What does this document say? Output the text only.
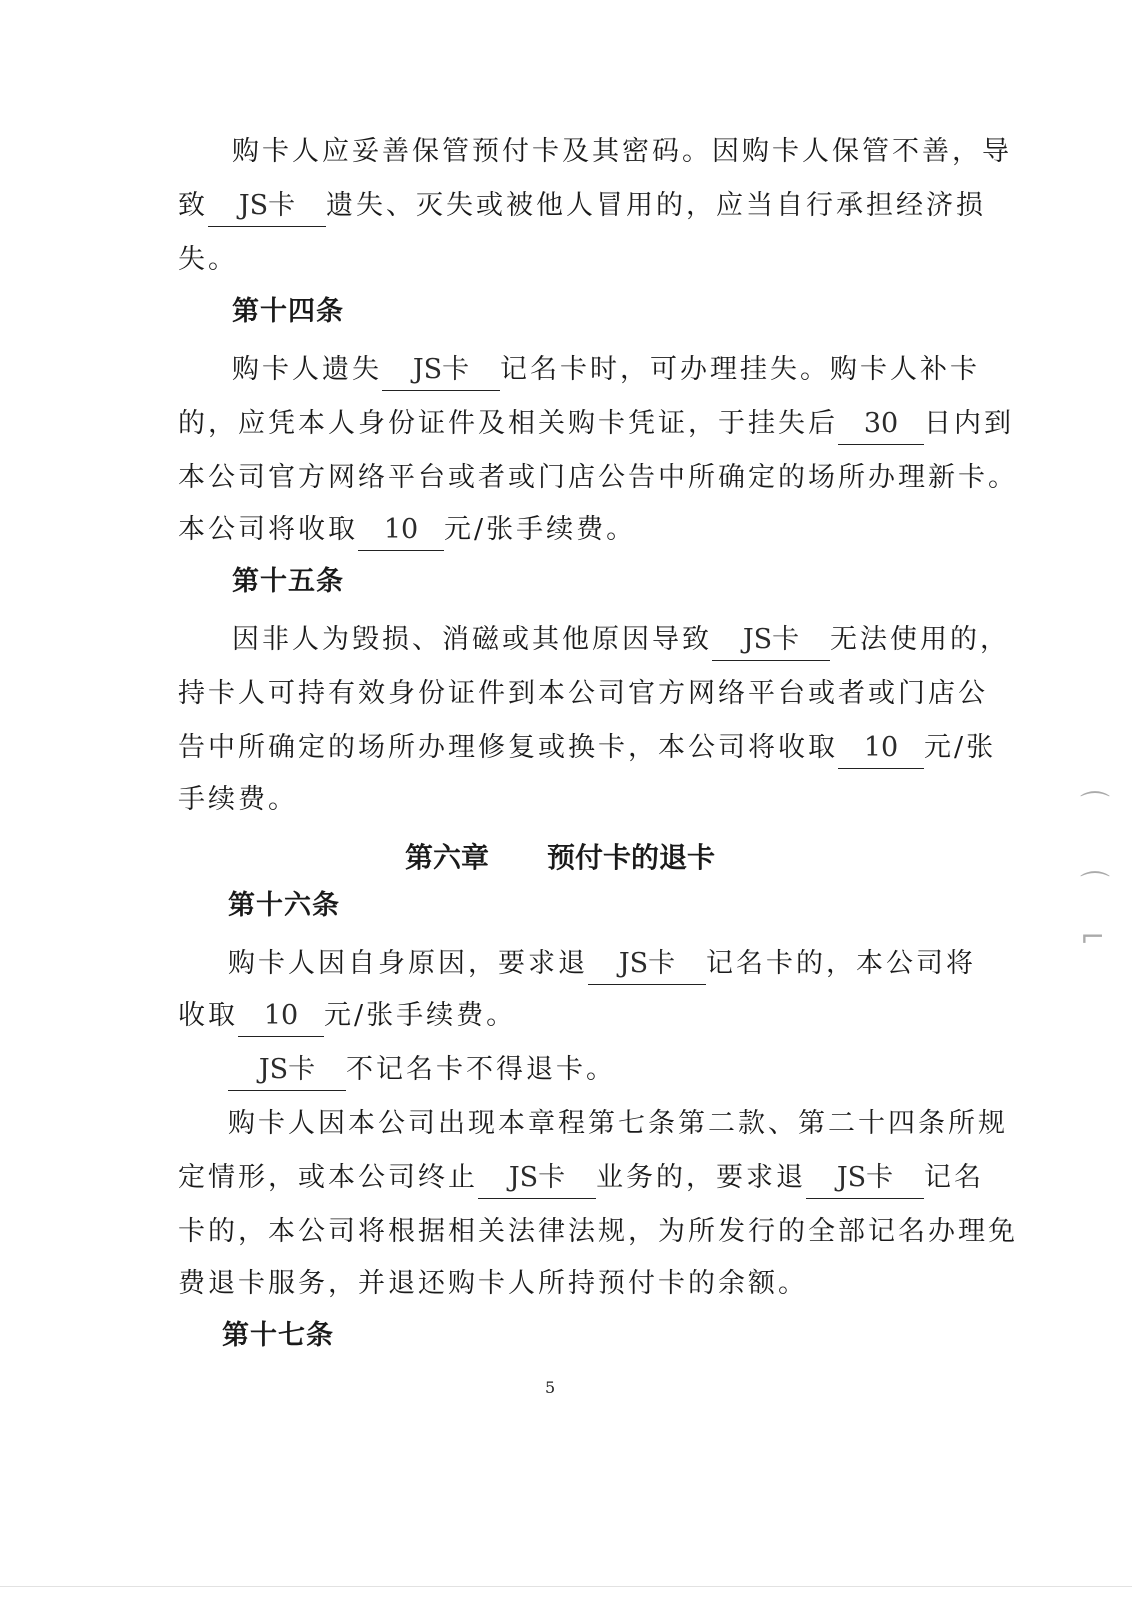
购卡人应妥善保管预付卡及其密码。因购卡人保管不善，导
致 JS卡 遗失、灭失或被他人冒用的，应当自行承担经济损
失。
第十四条
购卡人遗失 JS卡 记名卡时，可办理挂失。购卡人补卡
的，应凭本人身份证件及相关购卡凭证，于挂失后 30 日内到
本公司官方网络平台或者或门店公告中所确定的场所办理新卡。
本公司将收取 10 元/张手续费。
第十五条
因非人为毁损、消磁或其他原因导致 JS卡 无法使用的，
持卡人可持有效身份证件到本公司官方网络平台或者或门店公
告中所确定的场所办理修复或换卡，本公司将收取 10 元/张
手续费。
第六章 预付卡的退卡
第十六条
购卡人因自身原因，要求退 JS卡 记名卡的，本公司将
收取 10 元/张手续费。
JS卡 不记名卡不得退卡。
购卡人因本公司出现本章程第七条第二款、第二十四条所规
定情形，或本公司终止 JS卡 业务的，要求退 JS卡 记名
卡的，本公司将根据相关法律法规，为所发行的全部记名办理免
费退卡服务，并退还购卡人所持预付卡的余额。
第十七条
5
⌒
⌒
⌐
